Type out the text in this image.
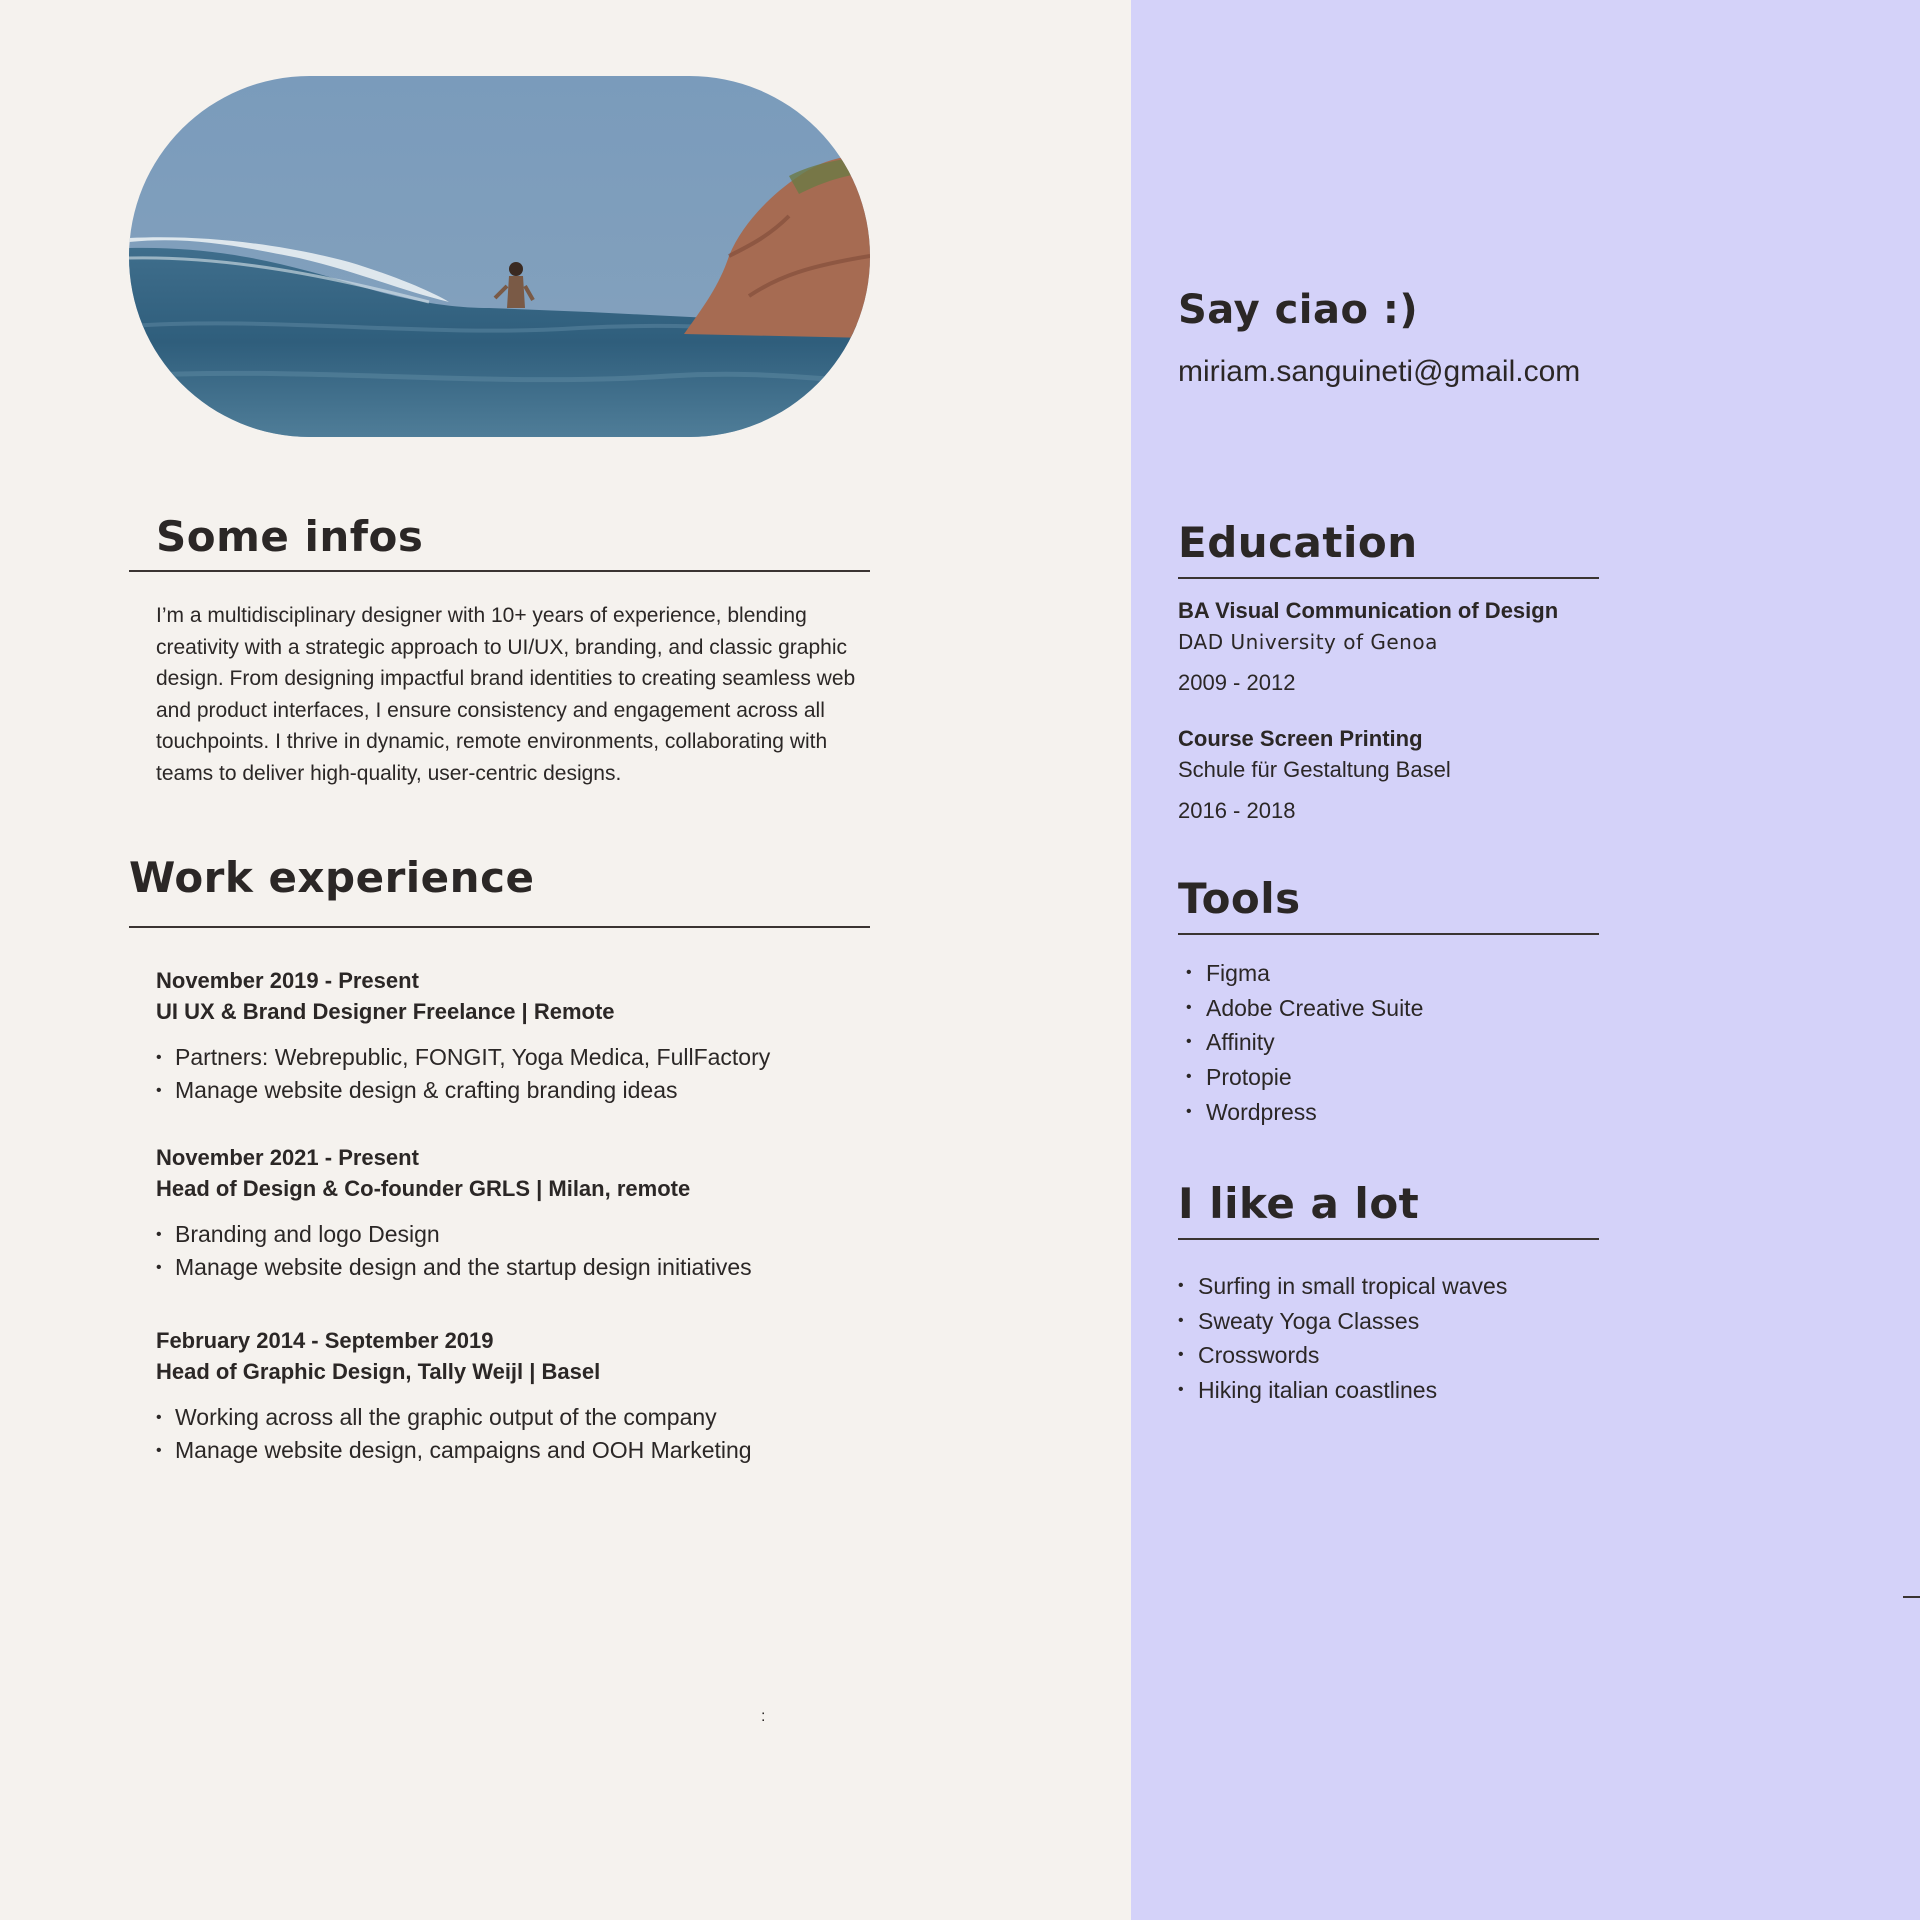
Some infos

I’m a multidisciplinary designer with 10+ years of experience, blending creativity with a strategic approach to UI/UX, branding, and classic graphic design. From designing impactful brand identities to creating seamless web and product interfaces, I ensure consistency and engagement across all touchpoints. I thrive in dynamic, remote environments, collaborating with teams to deliver high-quality, user-centric designs.

Work experience

November 2019 - Present

UI UX & Brand Designer Freelance | Remote

• Partners: Webrepublic, FONGIT, Yoga Medica, FullFactory
• Manage website design & crafting branding ideas

November 2021 - Present

Head of Design & Co-founder GRLS | Milan, remote

• Branding and logo Design
• Manage website design and the startup design initiatives

February 2014 - September 2019

Head of Graphic Design, Tally Weijl | Basel

• Working across all the graphic output of the company
• Manage website design, campaigns and OOH Marketing
:
Say ciao :)

miriam.sanguineti@gmail.com

Education

BA Visual Communication of Design

DAD University of Genoa

2009 - 2012

Course Screen Printing

Schule für Gestaltung Basel

2016 - 2018

Tools
• Figma
• Adobe Creative Suite
• Affinity
• Protopie
• Wordpress
I like a lot
• Surfing in small tropical waves
• Sweaty Yoga Classes
• Crosswords
• Hiking italian coastlines
